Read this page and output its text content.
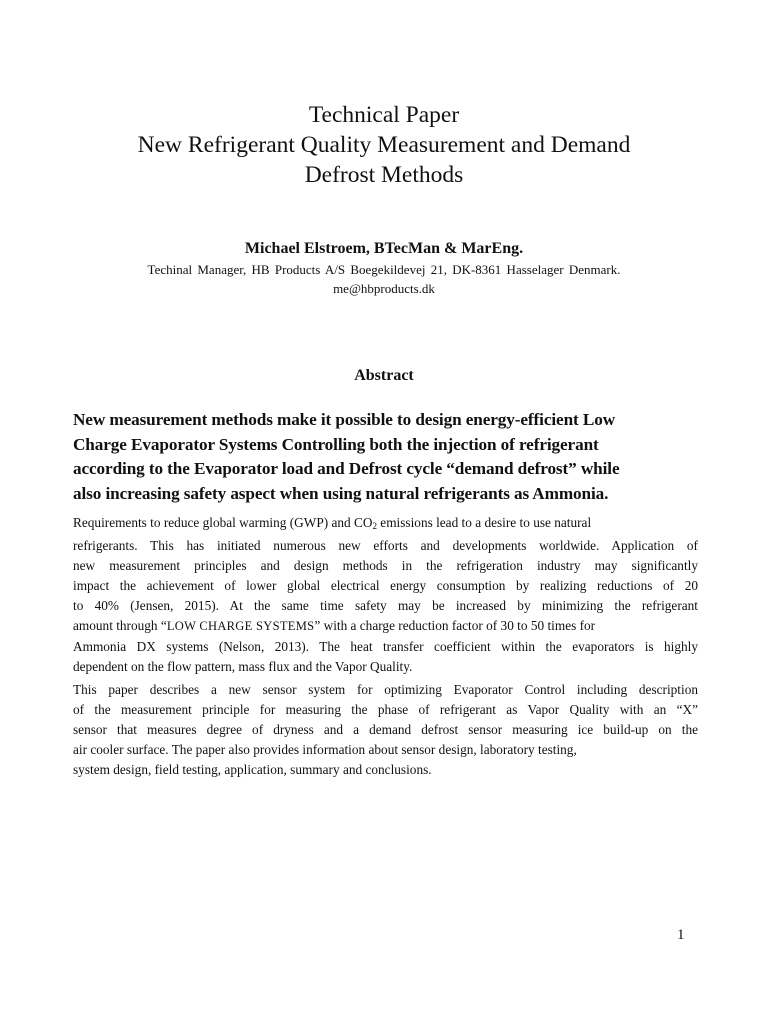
Technical Paper
New Refrigerant Quality Measurement and Demand
Defrost Methods
Michael Elstroem, BTecMan & MarEng.
Techinal Manager, HB Products A/S Boegekildevej 21, DK-8361 Hasselager Denmark.
me@hbproducts.dk
Abstract
New measurement methods make it possible to design energy-efficient Low
Charge Evaporator Systems Controlling both the injection of refrigerant
according to the Evaporator load and Defrost cycle “demand defrost” while
also increasing safety aspect when using natural refrigerants as Ammonia.
Requirements to reduce global warming (GWP) and $CO_2$ emissions lead to a desire to use natural
refrigerants. This has initiated numerous new efforts and developments worldwide. Application of
new measurement principles and design methods in the refrigeration industry may significantly
impact the achievement of lower global electrical energy consumption by realizing reductions of 20
to 40% (Jensen, 2015). At the same time safety may be increased by minimizing the refrigerant
amount through “LOW CHARGE SYSTEMS” with a charge reduction factor of 30 to 50 times for
Ammonia DX systems (Nelson, 2013). The heat transfer coefficient within the evaporators is highly
dependent on the flow pattern, mass flux and the Vapor Quality.
This paper describes a new sensor system for optimizing Evaporator Control including description
of the measurement principle for measuring the phase of refrigerant as Vapor Quality with an “X”
sensor that measures degree of dryness and a demand defrost sensor measuring ice build-up on the
air cooler surface. The paper also provides information about sensor design, laboratory testing,
system design, field testing, application, summary and conclusions.
1
